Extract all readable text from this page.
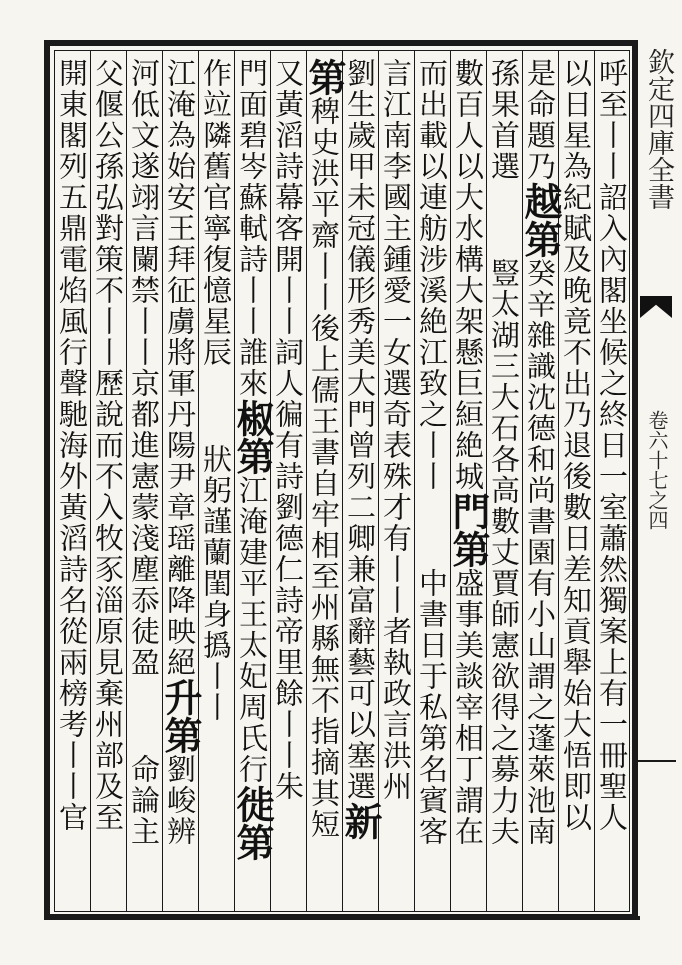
呼至丨丨詔入內閣坐候之終日一室蕭然獨案上有一冊聖人
以日星為紀賦及晚竟不出乃退後數日差知貢舉始大悟即以
是命題乃越第癸辛雜識沈德和尚書園有小山謂之蓬萊池南
孫果首選豎太湖三大石各高數丈賈師憲欲得之募力夫
數百人以大水構大架懸巨絙絶城門第盛事美談宰相丁謂在
而出載以連舫涉溪絶江致之丨丨中書日于私第名賓客
言江南李國主鍾愛一女選奇表殊才有丨丨者執政言洪州
劉生歲甲未冠儀形秀美大門曾列二卿兼富辭藝可以塞選新
第稗史洪平齋丨丨後上儒王書自牢相至州縣無不指摘其短
又黃滔詩幕客開丨丨詞人徧有詩劉德仁詩帝里餘丨丨朱
門面碧岑蘇軾詩丨丨誰來椒第江淹建平王太妃周氏行徙第
作竝隣舊官寧復憶星辰狀躬謹蘭閨身撝丨丨
江淹為始安王拜征虜將軍丹陽尹章瑶離降映絕升第劉峻辨
河低文遂翊言闌禁丨丨京都進憲蒙淺塵忝徒盈命論主
父偃公孫弘對策不丨丨歷說而不入牧豕淄原見棄州部及至
開東閣列五鼎電焰風行聲馳海外黃滔詩名從兩榜考丨丨官	欽定四庫全書
卷六十七之四
